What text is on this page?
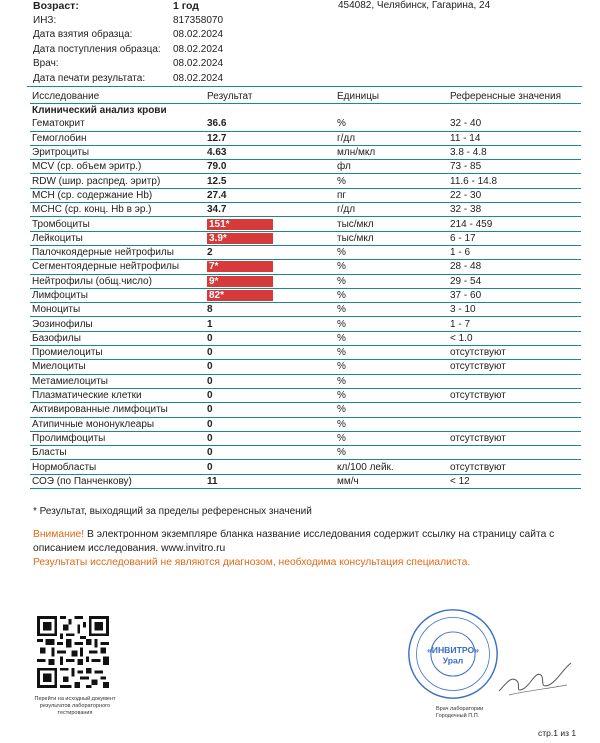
Возраст:	1 год
ИНЗ:	817358070
Дата взятия образца:	08.02.2024
Дата поступления образца: 08.02.2024
Врач:	08.02.2024
Дата печати результата:	08.02.2024
454082, Челябинск, Гагарина, 24
Исследование	Результат	Единицы	Референсные значения
Клинический анализ крови			
Гематокрит	36.6	%	32 - 40
Гемоглобин	12.7	г/дл	11 - 14
Эритроциты	4.63	млн/мкл	3.8 - 4.8
MCV (ср. объем эритр.)	79.0	фл	73 - 85
RDW (шир. распред. эритр)	12.5	%	11.6 - 14.8
MCH (ср. содержание Hb)	27.4	пг	22 - 30
MCHC (ср. конц. Hb в эр.)	34.7	г/дл	32 - 38
Тромбоциты	151*	тыс/мкл	214 - 459
Лейкоциты	3.9*	тыс/мкл	6 - 17
Палочкоядерные нейтрофилы	2	%	1 - 6
Сегментоядерные нейтрофилы	7*	%	28 - 48
Нейтрофилы (общ.число)	9*	%	29 - 54
Лимфоциты	82*	%	37 - 60
Моноциты	8	%	3 - 10
Эозинофилы	1	%	1 - 7
Базофилы	0	%	< 1.0
Промиелоциты	0	%	отсутствуют
Миелоциты	0	%	отсутствуют
Метамиелоциты	0	%	
Плазматические клетки	0	%	отсутствуют
Активированные лимфоциты	0	%	
Атипичные мононуклеары	0	%	
Пролимфоциты	0	%	отсутствуют
Бласты	0	%	
Нормобласты	0	кл/100 лейк.	отсутствуют
СОЭ (по Панченкову)	11	мм/ч	< 12
* Результат, выходящий за пределы референсных значений
Внимание! В электронном экземпляре бланка название исследования содержит ссылку на страницу сайта с описанием исследования. www.invitro.ru
Результаты исследований не являются диагнозом, необходима консультация специалиста.
Перейти на исходный документ результатов лабораторного тестирования
«ИНВИТРО»
Урал
Врач лаборатории Городечный П.П.
стр.1 из 1
